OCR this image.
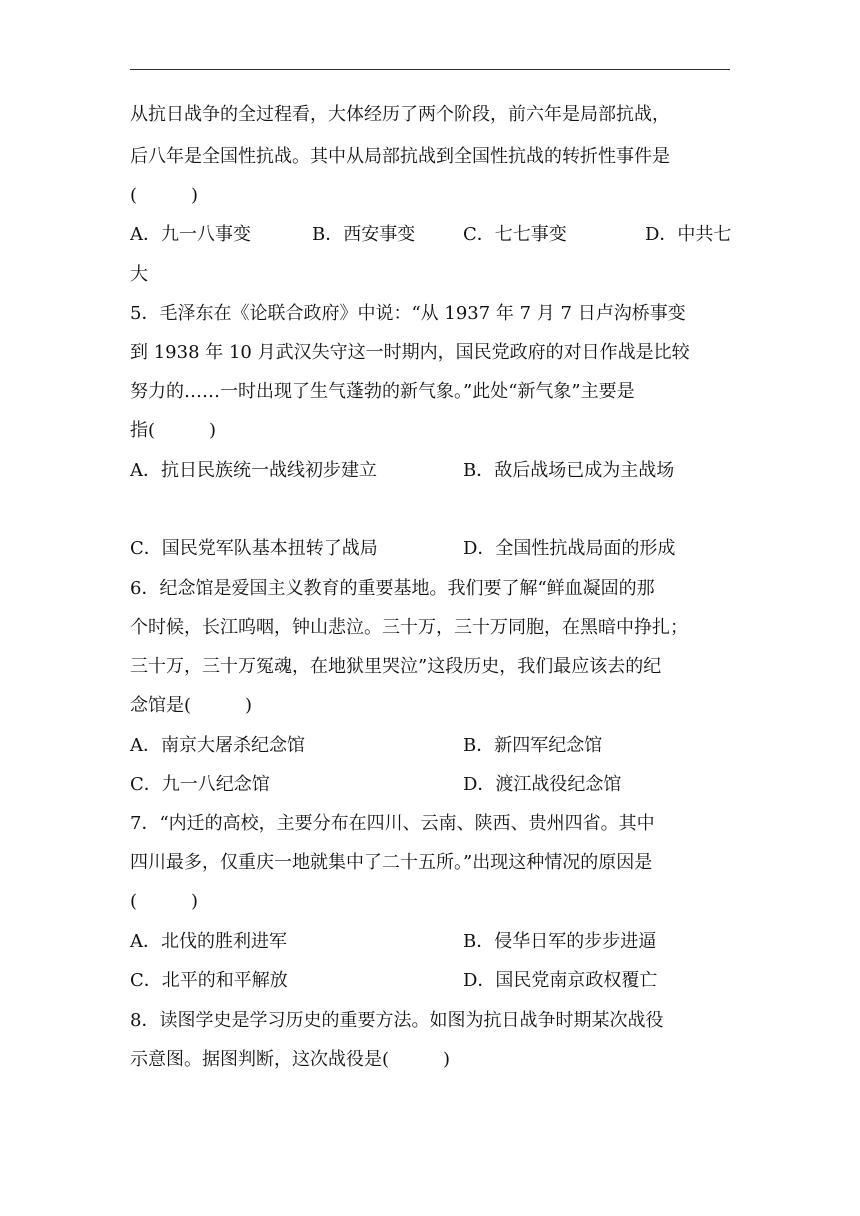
从抗日战争的全过程看，大体经历了两个阶段，前六年是局部抗战，
后八年是全国性抗战。其中从局部抗战到全国性抗战的转折性事件是
(　　　)
A．九一八事变	B．西安事变	C．七七事变	D．中共七
大
5．毛泽东在《论联合政府》中说：“从 1937 年 7 月 7 日卢沟桥事变
到 1938 年 10 月武汉失守这一时期内，国民党政府的对日作战是比较
努力的……一时出现了生气蓬勃的新气象。”此处“新气象”主要是
指(　　　)
A．抗日民族统一战线初步建立	B．敌后战场已成为主战场
C．国民党军队基本扭转了战局	D．全国性抗战局面的形成
6．纪念馆是爱国主义教育的重要基地。我们要了解“鲜血凝固的那
个时候，长江呜咽，钟山悲泣。三十万，三十万同胞，在黑暗中挣扎；
三十万，三十万冤魂，在地狱里哭泣”这段历史，我们最应该去的纪
念馆是(　　　)
A．南京大屠杀纪念馆	B．新四军纪念馆
C．九一八纪念馆	D．渡江战役纪念馆
7．“内迁的高校，主要分布在四川、云南、陕西、贵州四省。其中
四川最多，仅重庆一地就集中了二十五所。”出现这种情况的原因是
(　　　)
A．北伐的胜利进军	B．侵华日军的步步进逼
C．北平的和平解放	D．国民党南京政权覆亡
8．读图学史是学习历史的重要方法。如图为抗日战争时期某次战役
示意图。据图判断，这次战役是(　　　)
